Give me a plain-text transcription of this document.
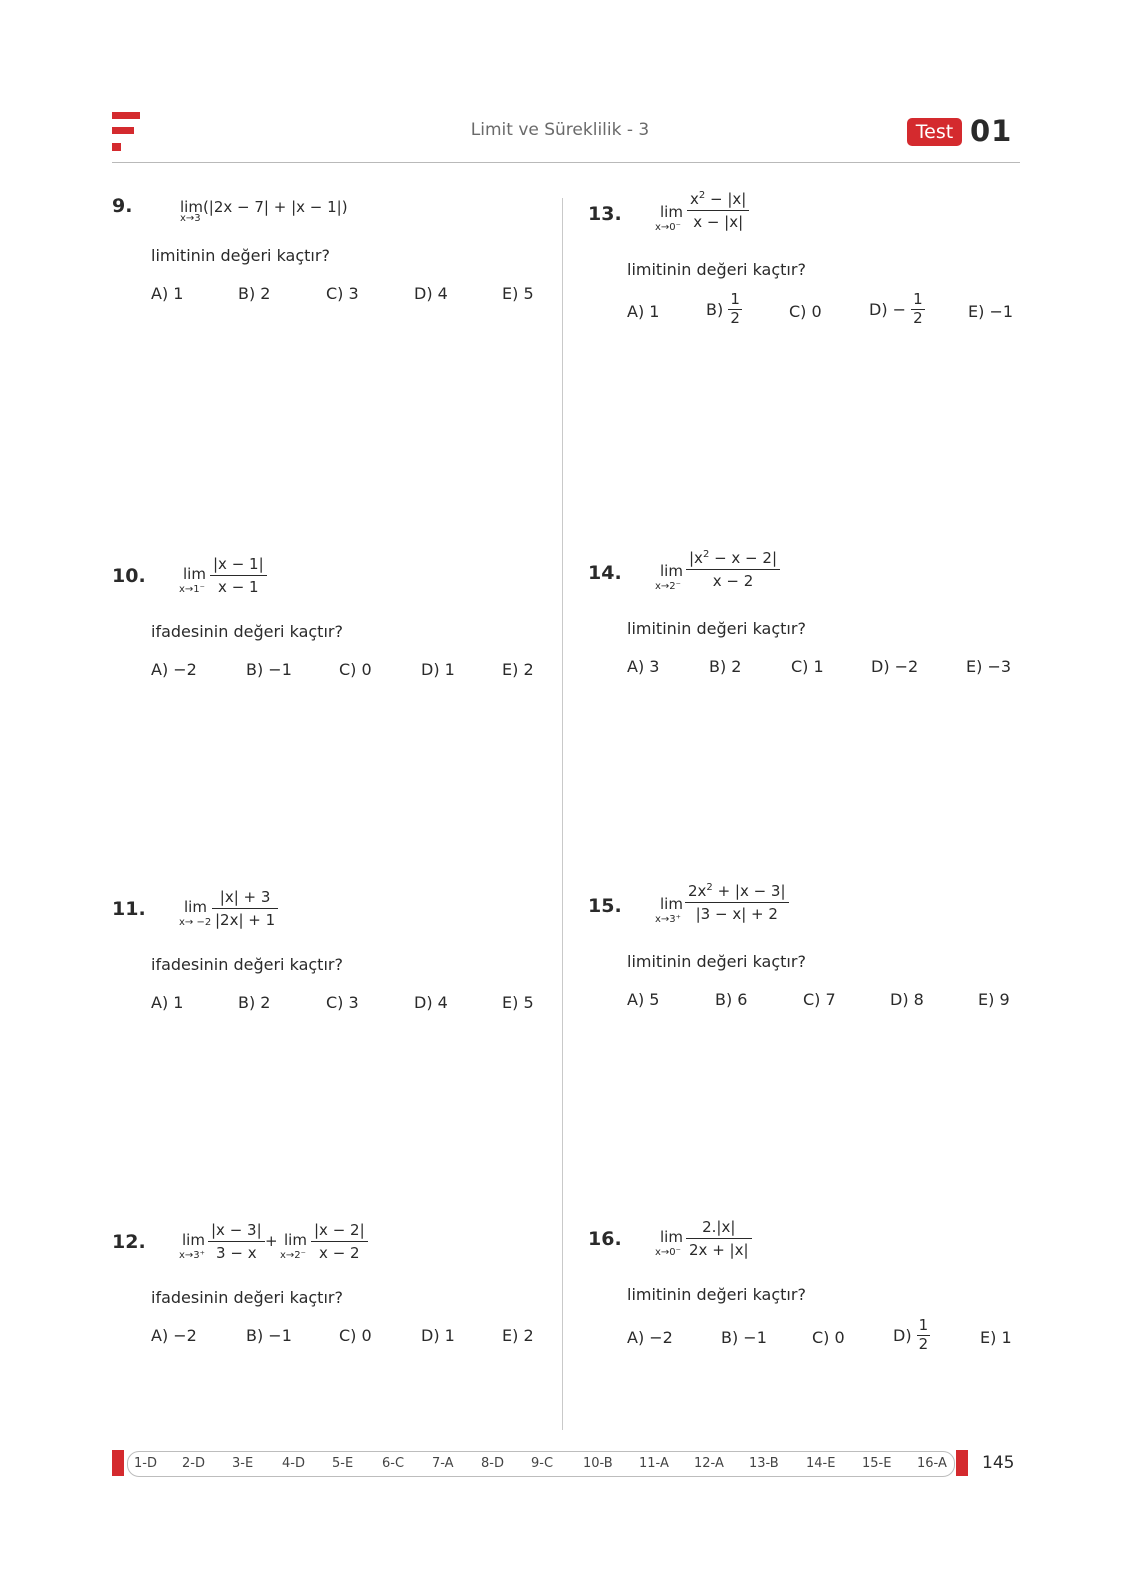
Limit ve Süreklilik - 3	Test 01
9.	lim(|2x − 7| + |x − 1|)
x→3
limitinin değeri kaçtır?
A) 1	B) 2	C) 3	D) 4	E) 5
10. lim
$x\to 1^- \frac{|x - 1|}{x - 1}$
ifadesinin değeri kaçtır?
A) −2	B) −1	C) 0	D) 1	E) 2
11.	lim
$x\to -2 \frac{|x| + 3}{|2x| + 1}$
ifadesinin değeri kaçtır?
A) 1	B) 2	C) 3	D) 4	E) 5
12. lim
$x\to 3^+ \frac{|x - 3|}{3 - x} + \lim$
$x\to 2^- \frac{|x - 2|}{x - 2}$
ifadesinin değeri kaçtır?
A) −2	B) −1	C) 0	D) 1	E) 2
13.	lim
$x\to 0^- \frac{x^2 - |x|}{x - |x|}$
limitinin değeri kaçtır?
A) 1	$B) \frac{1}{2}$	C) 0	$D) - \frac{1}{2}$	E) −1
14.	lim
$x\to 2^- \frac{|x^2 - x - 2|}{x - 2}$
limitinin değeri kaçtır?
A) 3	B) 2	C) 1	D) −2	E) −3
15.	lim
$x\to 3^+ \frac{2x^2 + |x - 3|}{|3 - x| + 2}$
limitinin değeri kaçtır?
A) 5	B) 6	C) 7	D) 8	E) 9
16.	lim
$x\to 0^- \frac{2.|x|}{2x + |x|}$
limitinin değeri kaçtır?
A) −2	B) −1	C) 0	$D) \frac{1}{2}$	E) 1
1-D 2-D 3-E 4-D 5-E 6-C 7-A 8-D 9-C 10-B 11-A 12-A 13-B 14-E 15-E 16-A 145
